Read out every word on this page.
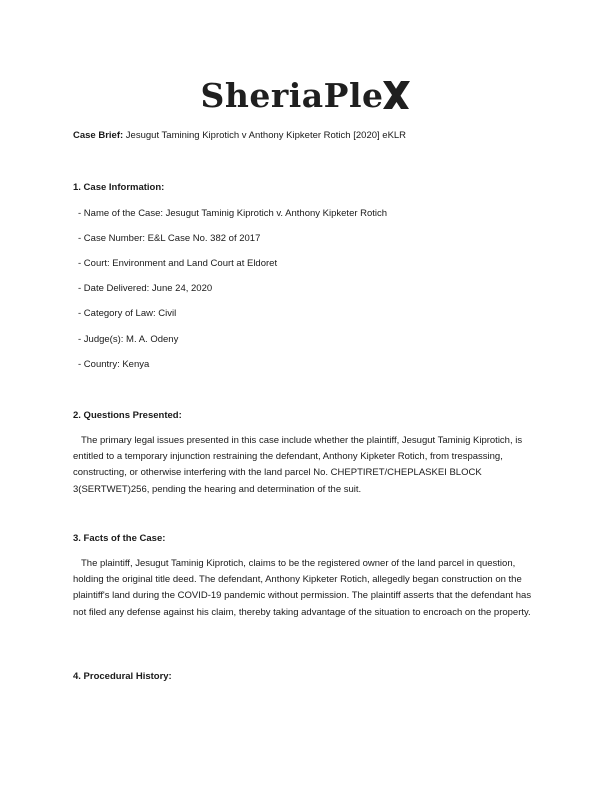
SheriaPle
Case Brief: Jesugut Tamining Kiprotich v Anthony Kipketer Rotich [2020] eKLR
1. Case Information:
- Name of the Case: Jesugut Taminig Kiprotich v. Anthony Kipketer Rotich
- Case Number: E&L Case No. 382 of 2017
- Court: Environment and Land Court at Eldoret
- Date Delivered: June 24, 2020
- Category of Law: Civil
- Judge(s): M. A. Odeny
- Country: Kenya
2. Questions Presented:
The primary legal issues presented in this case include whether the plaintiff, Jesugut Taminig Kiprotich, is entitled to a temporary injunction restraining the defendant, Anthony Kipketer Rotich, from trespassing, constructing, or otherwise interfering with the land parcel No. CHEPTIRET/CHEPLASKEI BLOCK 3(SERTWET)256, pending the hearing and determination of the suit.
3. Facts of the Case:
The plaintiff, Jesugut Taminig Kiprotich, claims to be the registered owner of the land parcel in question, holding the original title deed. The defendant, Anthony Kipketer Rotich, allegedly began construction on the plaintiff's land during the COVID-19 pandemic without permission. The plaintiff asserts that the defendant has not filed any defense against his claim, thereby taking advantage of the situation to encroach on the property.
4. Procedural History:
